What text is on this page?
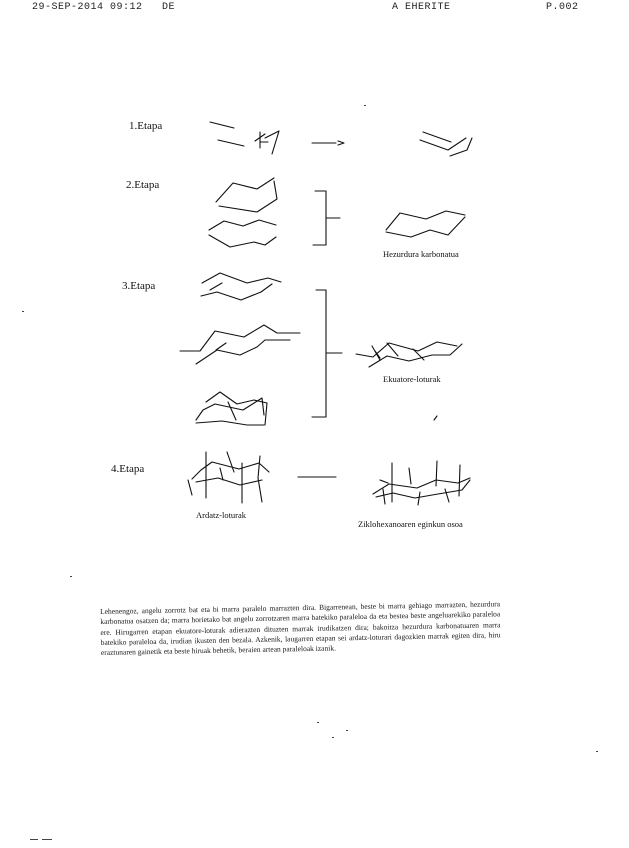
29-SEP-2014 09:12 DE	A EHERITE	P.002
1.Etapa
2.Etapa
3.Etapa
4.Etapa
Hezurdura karbonatua
Ekuatore-loturak
Ardatz-loturak
Ziklohexanoaren eginkun osoa
Lehenengoz, angelu zorrotz bat eta bi marra paralelo marrazten dira. Bigarrenean, beste bi marra gehiago marrazten, hezurdura karbonatua osatzen da; marra horietako bat angelu zorrotzaren marra batekiko paraleloa da eta bestea beste angeluarekiko paraleloa ere. Hirugarren etapan ekuatore-loturak adierazten dituzten marrak irudikatzen dira; bakoitza hezurdura karbonatuaren marra batekiko paraleloa da, irudian ikusten den bezala. Azkenik, laugarren etapan sei ardatz-loturari dagozkien marrak egiten dira, hiru eraztunaren gainetik eta beste hiruak behetik, beraien artean paraleloak izanik.
